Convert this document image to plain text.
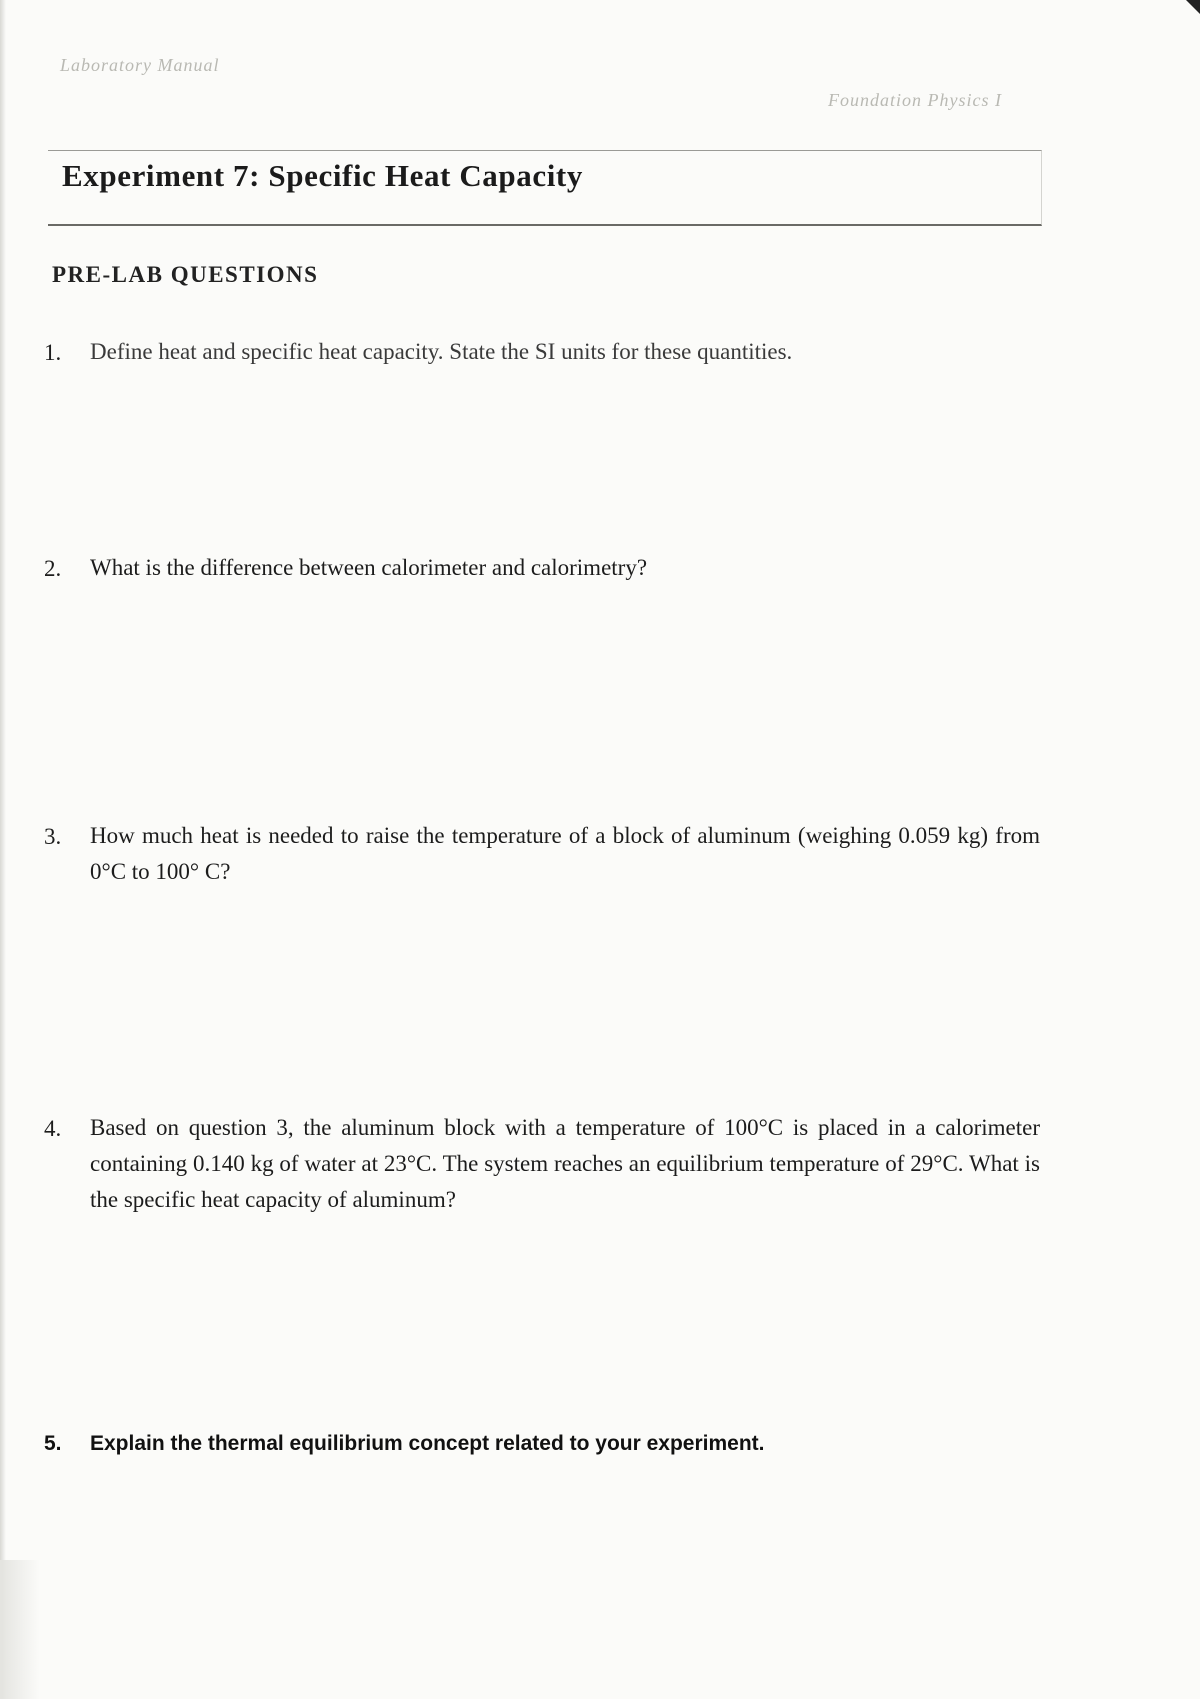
Laboratory Manual
Foundation Physics I
Experiment 7: Specific Heat Capacity
PRE-LAB QUESTIONS
1. Define heat and specific heat capacity. State the SI units for these quantities.
2. What is the difference between calorimeter and calorimetry?
3. How much heat is needed to raise the temperature of a block of aluminum (weighing 0.059 kg) from 0°C to 100° C?
4. Based on question 3, the aluminum block with a temperature of 100°C is placed in a calorimeter containing 0.140 kg of water at 23°C. The system reaches an equilibrium temperature of 29°C. What is the specific heat capacity of aluminum?
5. Explain the thermal equilibrium concept related to your experiment.
